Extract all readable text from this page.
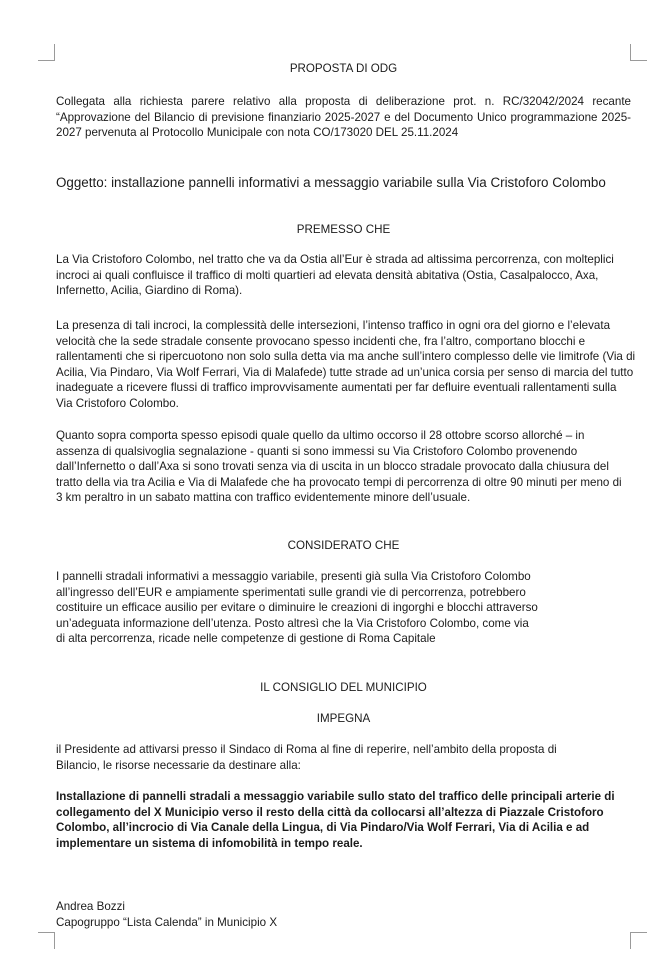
PROPOSTA DI ODG

Collegata alla richiesta parere relativo alla proposta di deliberazione prot. n. RC/32042/2024 recante “Approvazione del Bilancio di previsione finanziario 2025-2027 e del Documento Unico programmazione 2025-2027 pervenuta al Protocollo Municipale con nota CO/173020 DEL 25.11.2024

Oggetto: installazione pannelli informativi a messaggio variabile sulla Via Cristoforo Colombo

PREMESSO CHE

La Via Cristoforo Colombo, nel tratto che va da Ostia all’Eur è strada ad altissima percorrenza, con molteplici incroci ai quali confluisce il traffico di molti quartieri ad elevata densità abitativa (Ostia, Casalpalocco, Axa, Infernetto, Acilia, Giardino di Roma).

La presenza di tali incroci, la complessità delle intersezioni, l’intenso traffico in ogni ora del giorno e l’elevata velocità che la sede stradale consente provocano spesso incidenti che, fra l’altro, comportano blocchi e rallentamenti che si ripercuotono non solo sulla detta via ma anche sull’intero complesso delle vie limitrofe (Via di Acilia, Via Pindaro, Via Wolf Ferrari, Via di Malafede) tutte strade ad un’unica corsia per senso di marcia del tutto inadeguate a ricevere flussi di traffico improvvisamente aumentati per far defluire eventuali rallentamenti sulla Via Cristoforo Colombo.

Quanto sopra comporta spesso episodi quale quello da ultimo occorso il 28 ottobre scorso allorché – in assenza di qualsivoglia segnalazione - quanti si sono immessi su Via Cristoforo Colombo provenendo dall’Infernetto o dall’Axa si sono trovati senza via di uscita in un blocco stradale provocato dalla chiusura del tratto della via tra Acilia e Via di Malafede che ha provocato tempi di percorrenza di oltre 90 minuti per meno di 3 km peraltro in un sabato mattina con traffico evidentemente minore dell’usuale.

CONSIDERATO CHE

I pannelli stradali informativi a messaggio variabile, presenti già sulla Via Cristoforo Colombo all’ingresso dell’EUR e ampiamente sperimentati sulle grandi vie di percorrenza, potrebbero costituire un efficace ausilio per evitare o diminuire le creazioni di ingorghi e blocchi attraverso un’adeguata informazione dell’utenza. Posto altresì che la Via Cristoforo Colombo, come via di alta percorrenza, ricade nelle competenze di gestione di Roma Capitale

IL CONSIGLIO DEL MUNICIPIO

IMPEGNA

il Presidente ad attivarsi presso il Sindaco di Roma al fine di reperire, nell’ambito della proposta di Bilancio, le risorse necessarie da destinare alla:

Installazione di pannelli stradali a messaggio variabile sullo stato del traffico delle principali arterie di collegamento del X Municipio verso il resto della città da collocarsi all’altezza di Piazzale Cristoforo Colombo, all’incrocio di Via Canale della Lingua, di Via Pindaro/Via Wolf Ferrari, Via di Acilia e ad implementare un sistema di infomobilità in tempo reale.

Andrea Bozzi

Capogruppo “Lista Calenda” in Municipio X
